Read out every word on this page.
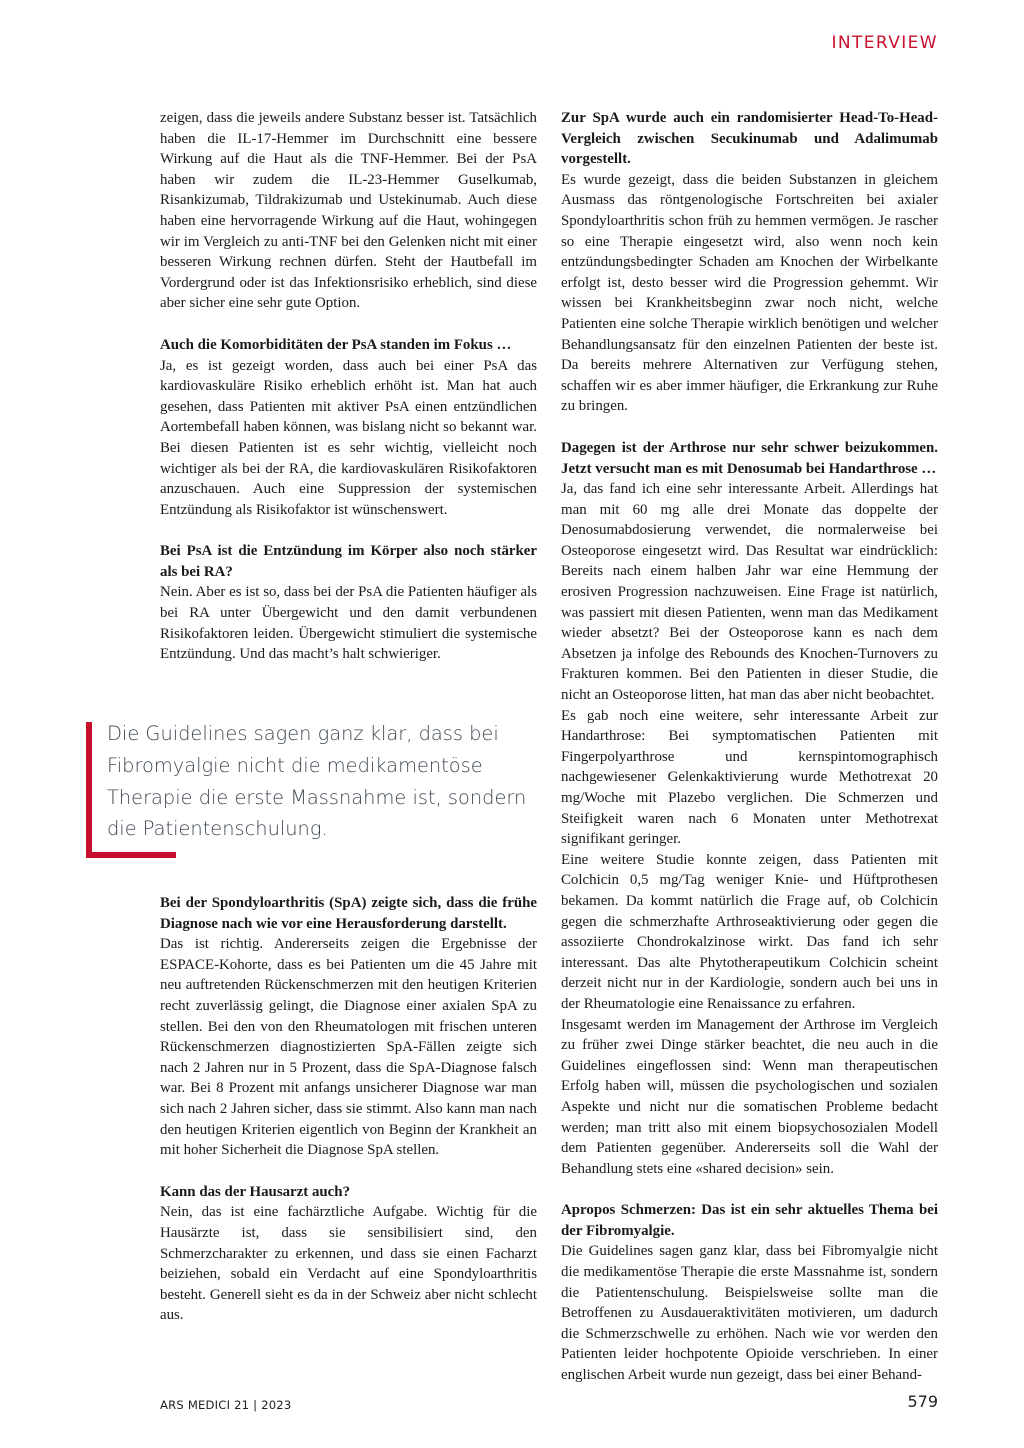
INTERVIEW

zeigen, dass die jeweils andere Substanz besser ist. Tatsächlich haben die IL-17-Hemmer im Durchschnitt eine bessere Wirkung auf die Haut als die TNF-Hemmer. Bei der PsA haben wir zudem die IL-23-Hemmer Guselkumab, Risankizumab, Tildrakizumab und Ustekinumab. Auch diese haben eine hervorragende Wirkung auf die Haut, wohingegen wir im Vergleich zu anti-TNF bei den Gelenken nicht mit einer besseren Wirkung rechnen dürfen. Steht der Hautbefall im Vordergrund oder ist das Infektionsrisiko erheblich, sind diese aber sicher eine sehr gute Option.

Auch die Komorbiditäten der PsA standen im Fokus …

Ja, es ist gezeigt worden, dass auch bei einer PsA das kardiovaskuläre Risiko erheblich erhöht ist. Man hat auch gesehen, dass Patienten mit aktiver PsA einen entzündlichen Aortembefall haben können, was bislang nicht so bekannt war. Bei diesen Patienten ist es sehr wichtig, vielleicht noch wichtiger als bei der RA, die kardiovaskulären Risikofaktoren anzuschauen. Auch eine Suppression der systemischen Entzündung als Risikofaktor ist wünschenswert.

Bei PsA ist die Entzündung im Körper also noch stärker als bei RA?

Nein. Aber es ist so, dass bei der PsA die Patienten häufiger als bei RA unter Übergewicht und den damit verbundenen Risikofaktoren leiden. Übergewicht stimuliert die systemische Entzündung. Und das macht’s halt schwieriger.

Die Guidelines sagen ganz klar, dass bei Fibromyalgie nicht die medikamentöse Therapie die erste Massnahme ist, sondern die Patientenschulung.

Bei der Spondyloarthritis (SpA) zeigte sich, dass die frühe Diagnose nach wie vor eine Herausforderung darstellt.

Das ist richtig. Andererseits zeigen die Ergebnisse der ESPACE-Kohorte, dass es bei Patienten um die 45 Jahre mit neu auftretenden Rückenschmerzen mit den heutigen Kriterien recht zuverlässig gelingt, die Diagnose einer axialen SpA zu stellen. Bei den von den Rheumatologen mit frischen unteren Rückenschmerzen diagnostizierten SpA-Fällen zeigte sich nach 2 Jahren nur in 5 Prozent, dass die SpA-Diagnose falsch war. Bei 8 Prozent mit anfangs unsicherer Diagnose war man sich nach 2 Jahren sicher, dass sie stimmt. Also kann man nach den heutigen Kriterien eigentlich von Beginn der Krankheit an mit hoher Sicherheit die Diagnose SpA stellen.

Kann das der Hausarzt auch?

Nein, das ist eine fachärztliche Aufgabe. Wichtig für die Hausärzte ist, dass sie sensibilisiert sind, den Schmerzcharakter zu erkennen, und dass sie einen Facharzt beiziehen, sobald ein Verdacht auf eine Spondyloarthritis besteht. Generell sieht es da in der Schweiz aber nicht schlecht aus.

Zur SpA wurde auch ein randomisierter Head-To-Head-Vergleich zwischen Secukinumab und Adalimumab vorgestellt.

Es wurde gezeigt, dass die beiden Substanzen in gleichem Ausmass das röntgenologische Fortschreiten bei axialer Spondyloarthritis schon früh zu hemmen vermögen. Je rascher so eine Therapie eingesetzt wird, also wenn noch kein entzündungsbedingter Schaden am Knochen der Wirbelkante erfolgt ist, desto besser wird die Progression gehemmt. Wir wissen bei Krankheitsbeginn zwar noch nicht, welche Patienten eine solche Therapie wirklich benötigen und welcher Behandlungsansatz für den einzelnen Patienten der beste ist. Da bereits mehrere Alternativen zur Verfügung stehen, schaffen wir es aber immer häufiger, die Erkrankung zur Ruhe zu bringen.

Dagegen ist der Arthrose nur sehr schwer beizukommen. Jetzt versucht man es mit Denosumab bei Handarthrose …

Ja, das fand ich eine sehr interessante Arbeit. Allerdings hat man mit 60 mg alle drei Monate das doppelte der Denosumabdosierung verwendet, die normalerweise bei Osteoporose eingesetzt wird. Das Resultat war eindrücklich: Bereits nach einem halben Jahr war eine Hemmung der erosiven Progression nachzuweisen. Eine Frage ist natürlich, was passiert mit diesen Patienten, wenn man das Medikament wieder absetzt? Bei der Osteoporose kann es nach dem Absetzen ja infolge des Rebounds des Knochen-Turnovers zu Frakturen kommen. Bei den Patienten in dieser Studie, die nicht an Osteoporose litten, hat man das aber nicht beobachtet.

Es gab noch eine weitere, sehr interessante Arbeit zur Handarthrose: Bei symptomatischen Patienten mit Fingerpolyarthrose und kernspintomographisch nachgewiesener Gelenkaktivierung wurde Methotrexat 20 mg/Woche mit Plazebo verglichen. Die Schmerzen und Steifigkeit waren nach 6 Monaten unter Methotrexat signifikant geringer.

Eine weitere Studie konnte zeigen, dass Patienten mit Colchicin 0,5 mg/Tag weniger Knie- und Hüftprothesen bekamen. Da kommt natürlich die Frage auf, ob Colchicin gegen die schmerzhafte Arthroseaktivierung oder gegen die assoziierte Chondrokalzinose wirkt. Das fand ich sehr interessant. Das alte Phytotherapeutikum Colchicin scheint derzeit nicht nur in der Kardiologie, sondern auch bei uns in der Rheumatologie eine Renaissance zu erfahren.

Insgesamt werden im Management der Arthrose im Vergleich zu früher zwei Dinge stärker beachtet, die neu auch in die Guidelines eingeflossen sind: Wenn man therapeutischen Erfolg haben will, müssen die psychologischen und sozialen Aspekte und nicht nur die somatischen Probleme bedacht werden; man tritt also mit einem biopsychosozialen Modell dem Patienten gegenüber. Andererseits soll die Wahl der Behandlung stets eine «shared decision» sein.

Apropos Schmerzen: Das ist ein sehr aktuelles Thema bei der Fibromyalgie.

Die Guidelines sagen ganz klar, dass bei Fibromyalgie nicht die medikamentöse Therapie die erste Massnahme ist, sondern die Patientenschulung. Beispielsweise sollte man die Betroffenen zu Ausdaueraktivitäten motivieren, um dadurch die Schmerzschwelle zu erhöhen. Nach wie vor werden den Patienten leider hochpotente Opioide verschrieben. In einer englischen Arbeit wurde nun gezeigt, dass bei einer Behand-

ARS MEDICI 21 | 2023	579
